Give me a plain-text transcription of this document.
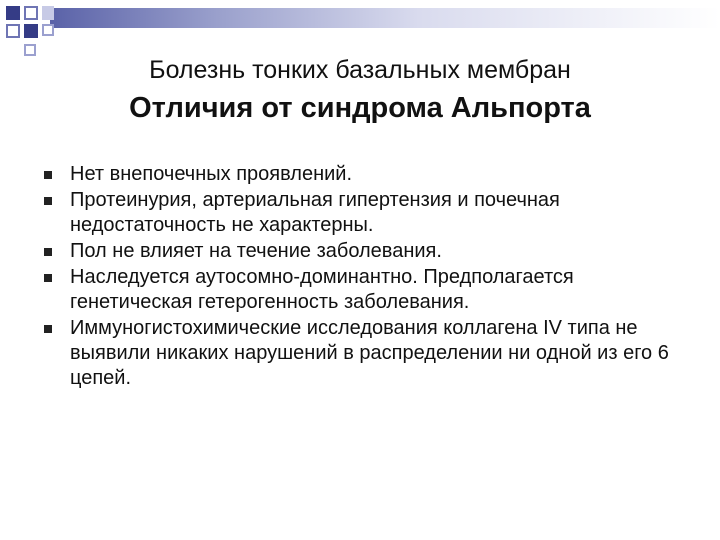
Болезнь тонких базальных мембран
Отличия от синдрома Альпорта
Нет внепочечных проявлений.
Протеинурия, артериальная гипертензия и почечная недостаточность не характерны.
Пол не влияет на течение заболевания.
Наследуется аутосомно-доминантно. Предполагается генетическая гетерогенность заболевания.
Иммуногистохимические исследования коллагена IV типа не выявили никаких нарушений в распределении ни одной из его 6 цепей.
